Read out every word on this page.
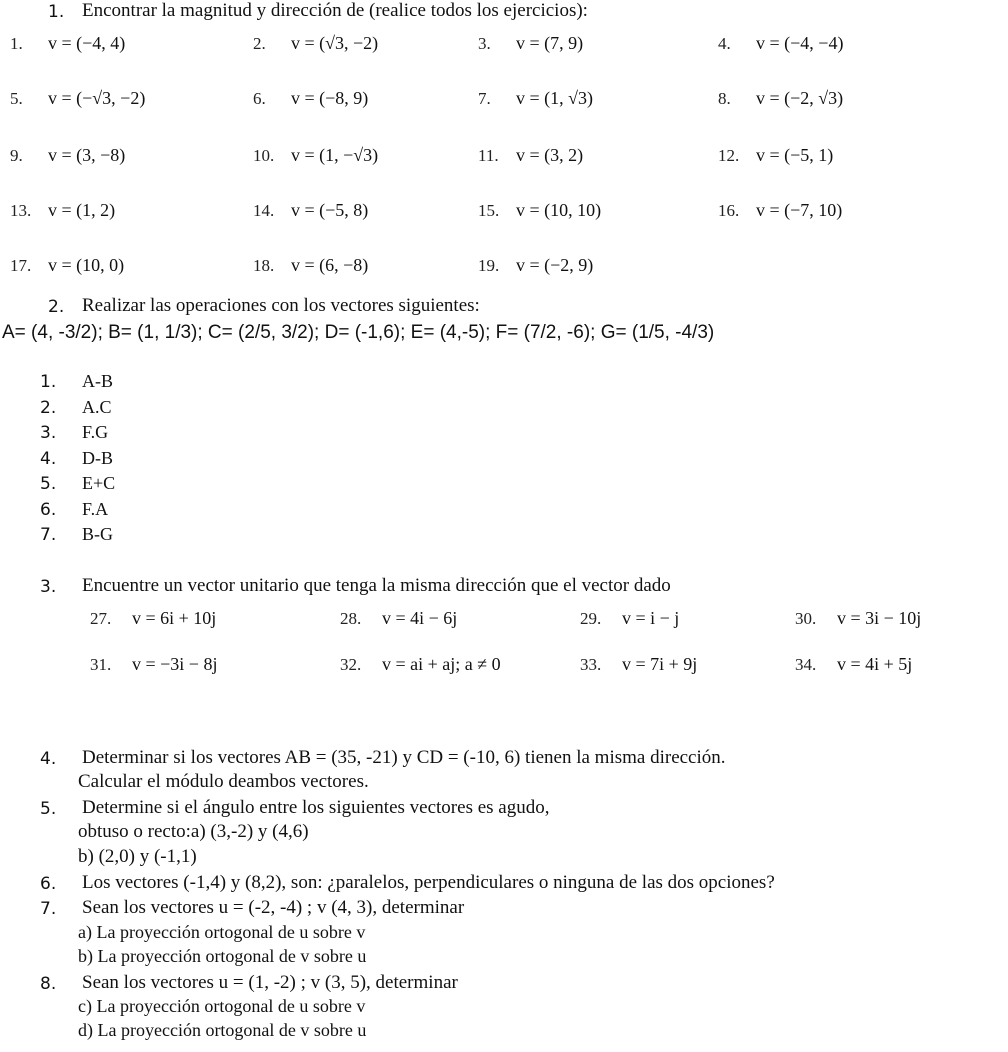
1. Encontrar la magnitud y dirección de (realice todos los ejercicios):
2. Realizar las operaciones con los vectores siguientes:
A= (4, -3/2); B= (1, 1/3); C= (2/5, 3/2); D= (-1,6); E= (4,-5); F= (7/2, -6); G= (1/5, -4/3)
3. Encuentre un vector unitario que tenga la misma dirección que el vector dado
4. Determinar si los vectores AB = (35, -21) y CD = (-10, 6) tienen la misma dirección.
Calcular el módulo deambos vectores.
5. Determine si el ángulo entre los siguientes vectores es agudo,
obtuso o recto:a) (3,-2) y (4,6)
b) (2,0) y (-1,1)
6. Los vectores (-1,4) y (8,2), son: ¿paralelos, perpendiculares o ninguna de las dos opciones?
7. Sean los vectores u = (-2, -4) ; v (4, 3), determinar
a) La proyección ortogonal de u sobre v
b) La proyección ortogonal de v sobre u
8. Sean los vectores u = (1, -2) ; v (3, 5), determinar
c) La proyección ortogonal de u sobre v
d) La proyección ortogonal de v sobre u
1. v = (−4, 4)	2. v = (√3, −2)	3. v = (7, 9)	4. v = (−4, −4)
5. v = (−√3, −2)	6. v = (−8, 9)	7. v = (1, √3)	8. v = (−2, √3)
9. v = (3, −8)	10. v = (1, −√3)	11. v = (3, 2)	12. v = (−5, 1)
13. v = (1, 2)	14. v = (−5, 8)	15. v = (10, 10)	16. v = (−7, 10)
17. v = (10, 0)	18. v = (6, −8)	19. v = (−2, 9)
27. v = 6i + 10j	28. v = 4i − 6j	29. v = i − j	30. v = 3i − 10j
31. v = −3i − 8j	32. v = ai + aj; a ≠ 0	33. v = 7i + 9j	34. v = 4i + 5j
1. A-B
2. A.C
3. F.G
4. D-B
5. E+C
6. F.A
7. B-G
